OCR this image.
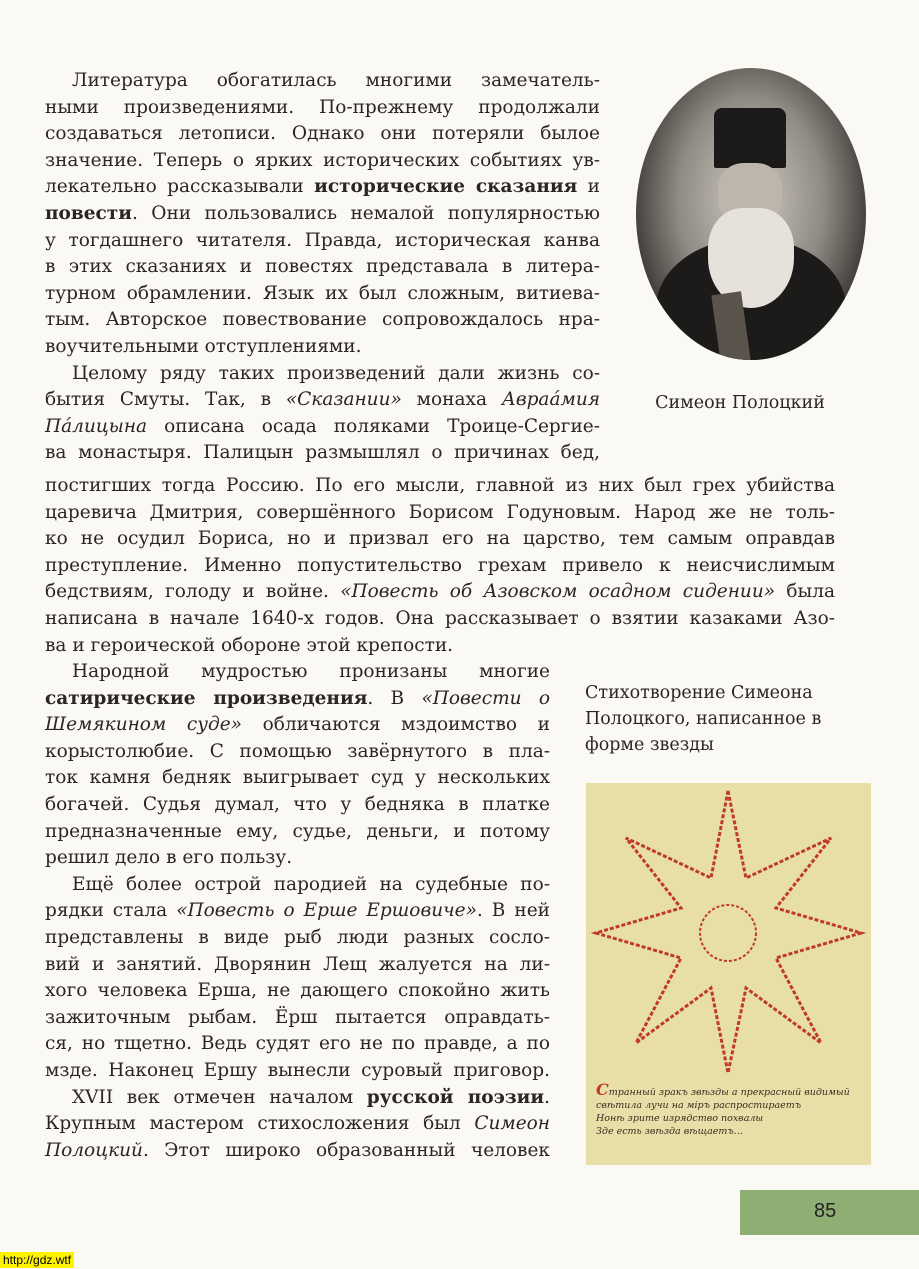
Литература обогатилась многими замечатель-
ными произведениями. По-прежнему продолжали
создаваться летописи. Однако они потеряли былое
значение. Теперь о ярких исторических событиях ув-
лекательно рассказывали исторические сказания и
повести. Они пользовались немалой популярностью
у тогдашнего читателя. Правда, историческая канва
в этих сказаниях и повестях представала в литера-
турном обрамлении. Язык их был сложным, витиева-
тым. Авторское повествование сопровождалось нра-
воучительными отступлениями.
Целому ряду таких произведений дали жизнь со-
бытия Смуты. Так, в «Сказании» монаха Авраáмия
Пáлицына описана осада поляками Троице-Сергие-
ва монастыря. Палицын размышлял о причинах бед,
постигших тогда Россию. По его мысли, главной из них был грех убийства
царевича Дмитрия, совершённого Борисом Годуновым. Народ же не толь-
ко не осудил Бориса, но и призвал его на царство, тем самым оправдав
преступление. Именно попустительство грехам привело к неисчислимым
бедствиям, голоду и войне. «Повесть об Азовском осадном сидении» была
написана в начале 1640-х годов. Она рассказывает о взятии казаками Азо-
ва и героической обороне этой крепости.
Народной мудростью пронизаны многие
сатирические произведения. В «Повести о
Шемякином суде» обличаются мздоимство и
корыстолюбие. С помощью завёрнутого в пла-
ток камня бедняк выигрывает суд у нескольких
богачей. Судья думал, что у бедняка в платке
предназначенные ему, судье, деньги, и потому
решил дело в его пользу.
Ещё более острой пародией на судебные по-
рядки стала «Повесть о Ерше Ершовиче». В ней
представлены в виде рыб люди разных сосло-
вий и занятий. Дворянин Лещ жалуется на ли-
хого человека Ерша, не дающего спокойно жить
зажиточным рыбам. Ёрш пытается оправдать-
ся, но тщетно. Ведь судят его не по правде, а по
мзде. Наконец Ершу вынесли суровый приговор.
XVII век отмечен началом русской поэзии.
Крупным мастером стихосложения был Симеон
Полоцкий. Этот широко образованный человек
Симеон Полоцкий
Стихотворение Симеона Полоцкого, написанное в форме звезды
Странный зракъ звѣзды а прекрасный видимый
свѣтила лучи на міръ распростираетъ
Нонѣ зрите изрядство похвалы
Зде есть звѣзда вѣщаетъ...
85
http://gdz.wtf
